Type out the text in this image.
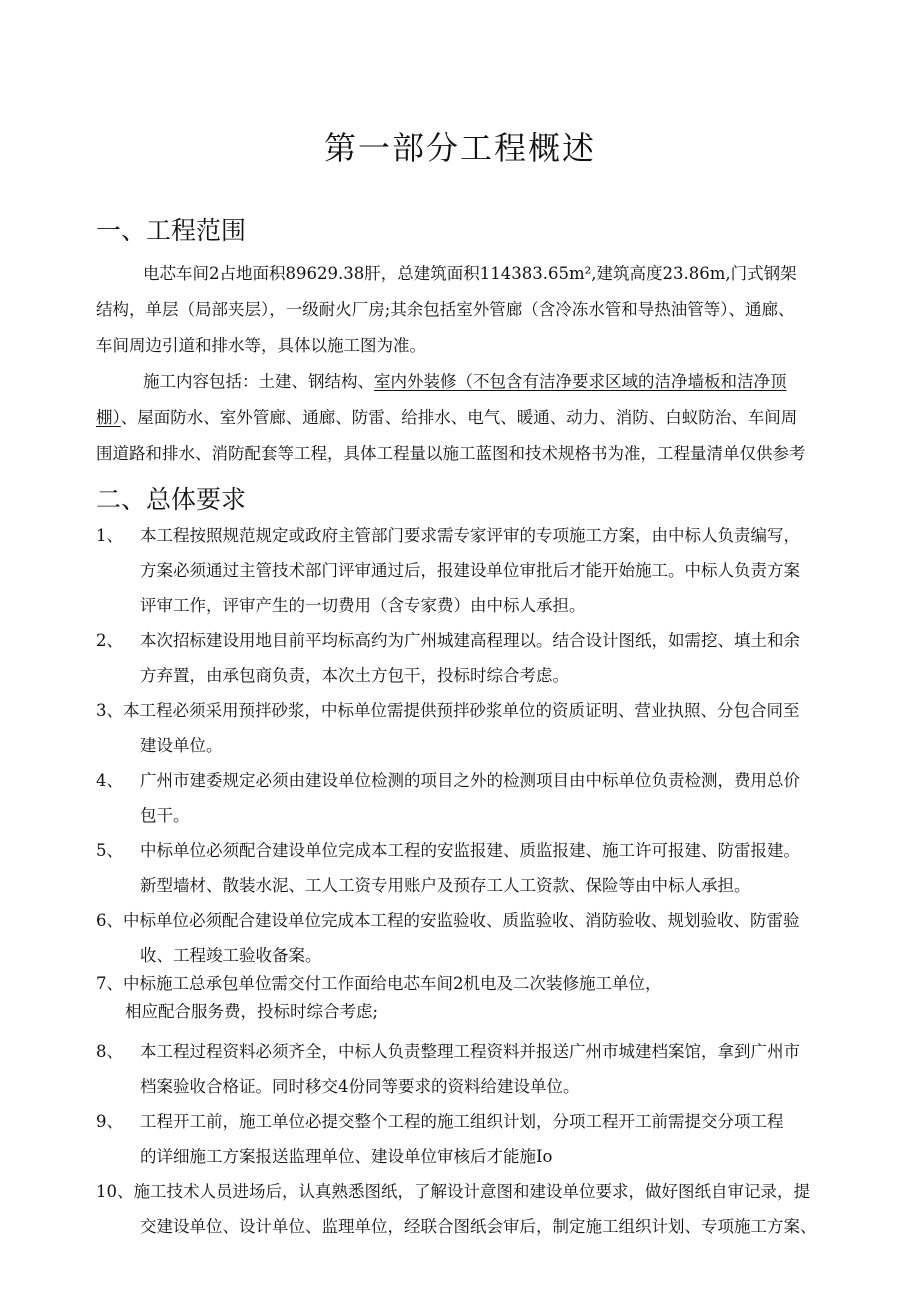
第一部分工程概述
一、工程范围
电芯车间2占地面积89629.38肝，总建筑面积114383.65m²,建筑高度23.86m,门式钢架
结构，单层（局部夹层），一级耐火厂房;其余包括室外管廊（含冷冻水管和导热油管等）、通廊、
车间周边引道和排水等，具体以施工图为准。
施工内容包括：土建、钢结构、室内外装修（不包含有洁净要求区域的洁净墙板和洁净顶
棚）、屋面防水、室外管廊、通廊、防雷、给排水、电气、暖通、动力、消防、白蚁防治、车间周
围道路和排水、消防配套等工程，具体工程量以施工蓝图和技术规格书为准，工程量清单仅供参考
二、总体要求
1、 本工程按照规范规定或政府主管部门要求需专家评审的专项施工方案，由中标人负责编写，
方案必须通过主管技术部门评审通过后，报建设单位审批后才能开始施工。中标人负责方案
评审工作，评审产生的一切费用（含专家费）由中标人承担。
2、 本次招标建设用地目前平均标高约为广州城建高程理以。结合设计图纸，如需挖、填土和余
方弃置，由承包商负责，本次土方包干，投标时综合考虑。
3、本工程必须采用预拌砂浆，中标单位需提供预拌砂浆单位的资质证明、营业执照、分包合同至
建设单位。
4、 广州市建委规定必须由建设单位检测的项目之外的检测项目由中标单位负责检测，费用总价
包干。
5、 中标单位必须配合建设单位完成本工程的安监报建、质监报建、施工许可报建、防雷报建。
新型墙材、散装水泥、工人工资专用账户及预存工人工资款、保险等由中标人承担。
6、中标单位必须配合建设单位完成本工程的安监验收、质监验收、消防验收、规划验收、防雷验
收、工程竣工验收备案。
7、中标施工总承包单位需交付工作面给电芯车间2机电及二次装修施工单位，
相应配合服务费，投标时综合考虑;
8、 本工程过程资料必须齐全，中标人负责整理工程资料并报送广州市城建档案馆，拿到广州市
档案验收合格证。同时移交4份同等要求的资料给建设单位。
9、 工程开工前，施工单位必提交整个工程的施工组织计划，分项工程开工前需提交分项工程
的详细施工方案报送监理单位、建设单位审核后才能施Io
10、施工技术人员进场后，认真熟悉图纸，了解设计意图和建设单位要求，做好图纸自审记录，提
交建设单位、设计单位、监理单位，经联合图纸会审后，制定施工组织计划、专项施工方案、
